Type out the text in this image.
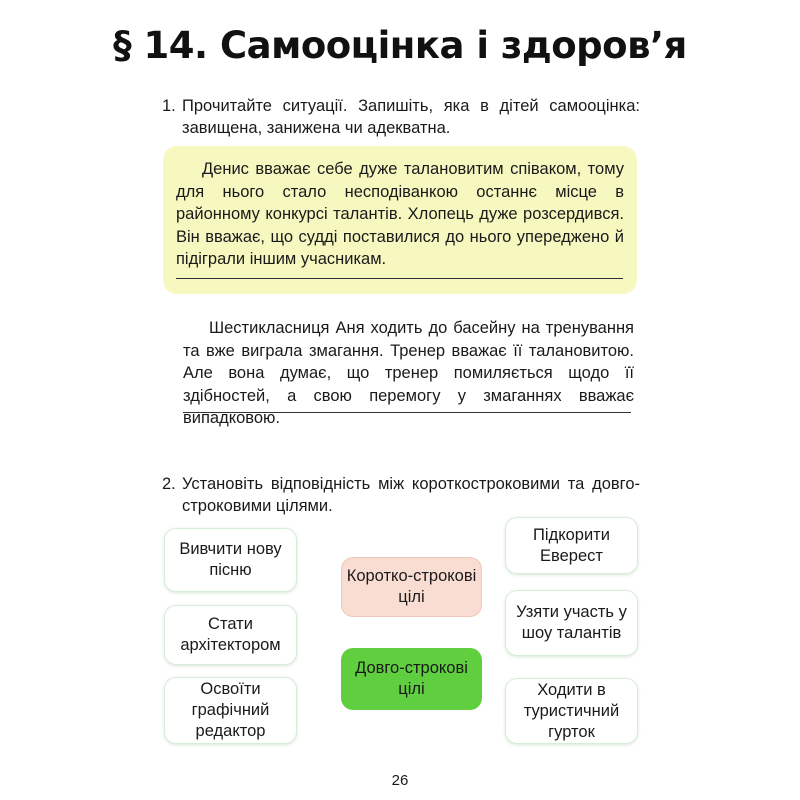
§ 14. Самооцінка і здоров’я
1. Прочитайте ситуації. Запишіть, яка в дітей самооцінка: завищена, занижена чи адекватна.
Денис вважає себе дуже талановитим співаком, тому для нього стало несподіванкою останнє місце в районному конкурсі талантів. Хлопець дуже розсердився. Він вважає, що судді поставилися до нього упереджено й підіграли іншим учасникам.
Шестикласниця Аня ходить до басейну на тренування та вже виграла змагання. Тренер вважає її талановитою. Але вона думає, що тренер помиляється щодо її здібностей, а свою перемогу у змаганнях вважає випадковою.
2. Установіть відповідність між короткостроковими та довго-строковими цілями.
Вивчити нову пісню
Стати архітектором
Освоїти графічний редактор
Коротко-строкові цілі
Довго-строкові цілі
Підкорити Еверест
Узяти участь у шоу талантів
Ходити в туристичний гурток
26
